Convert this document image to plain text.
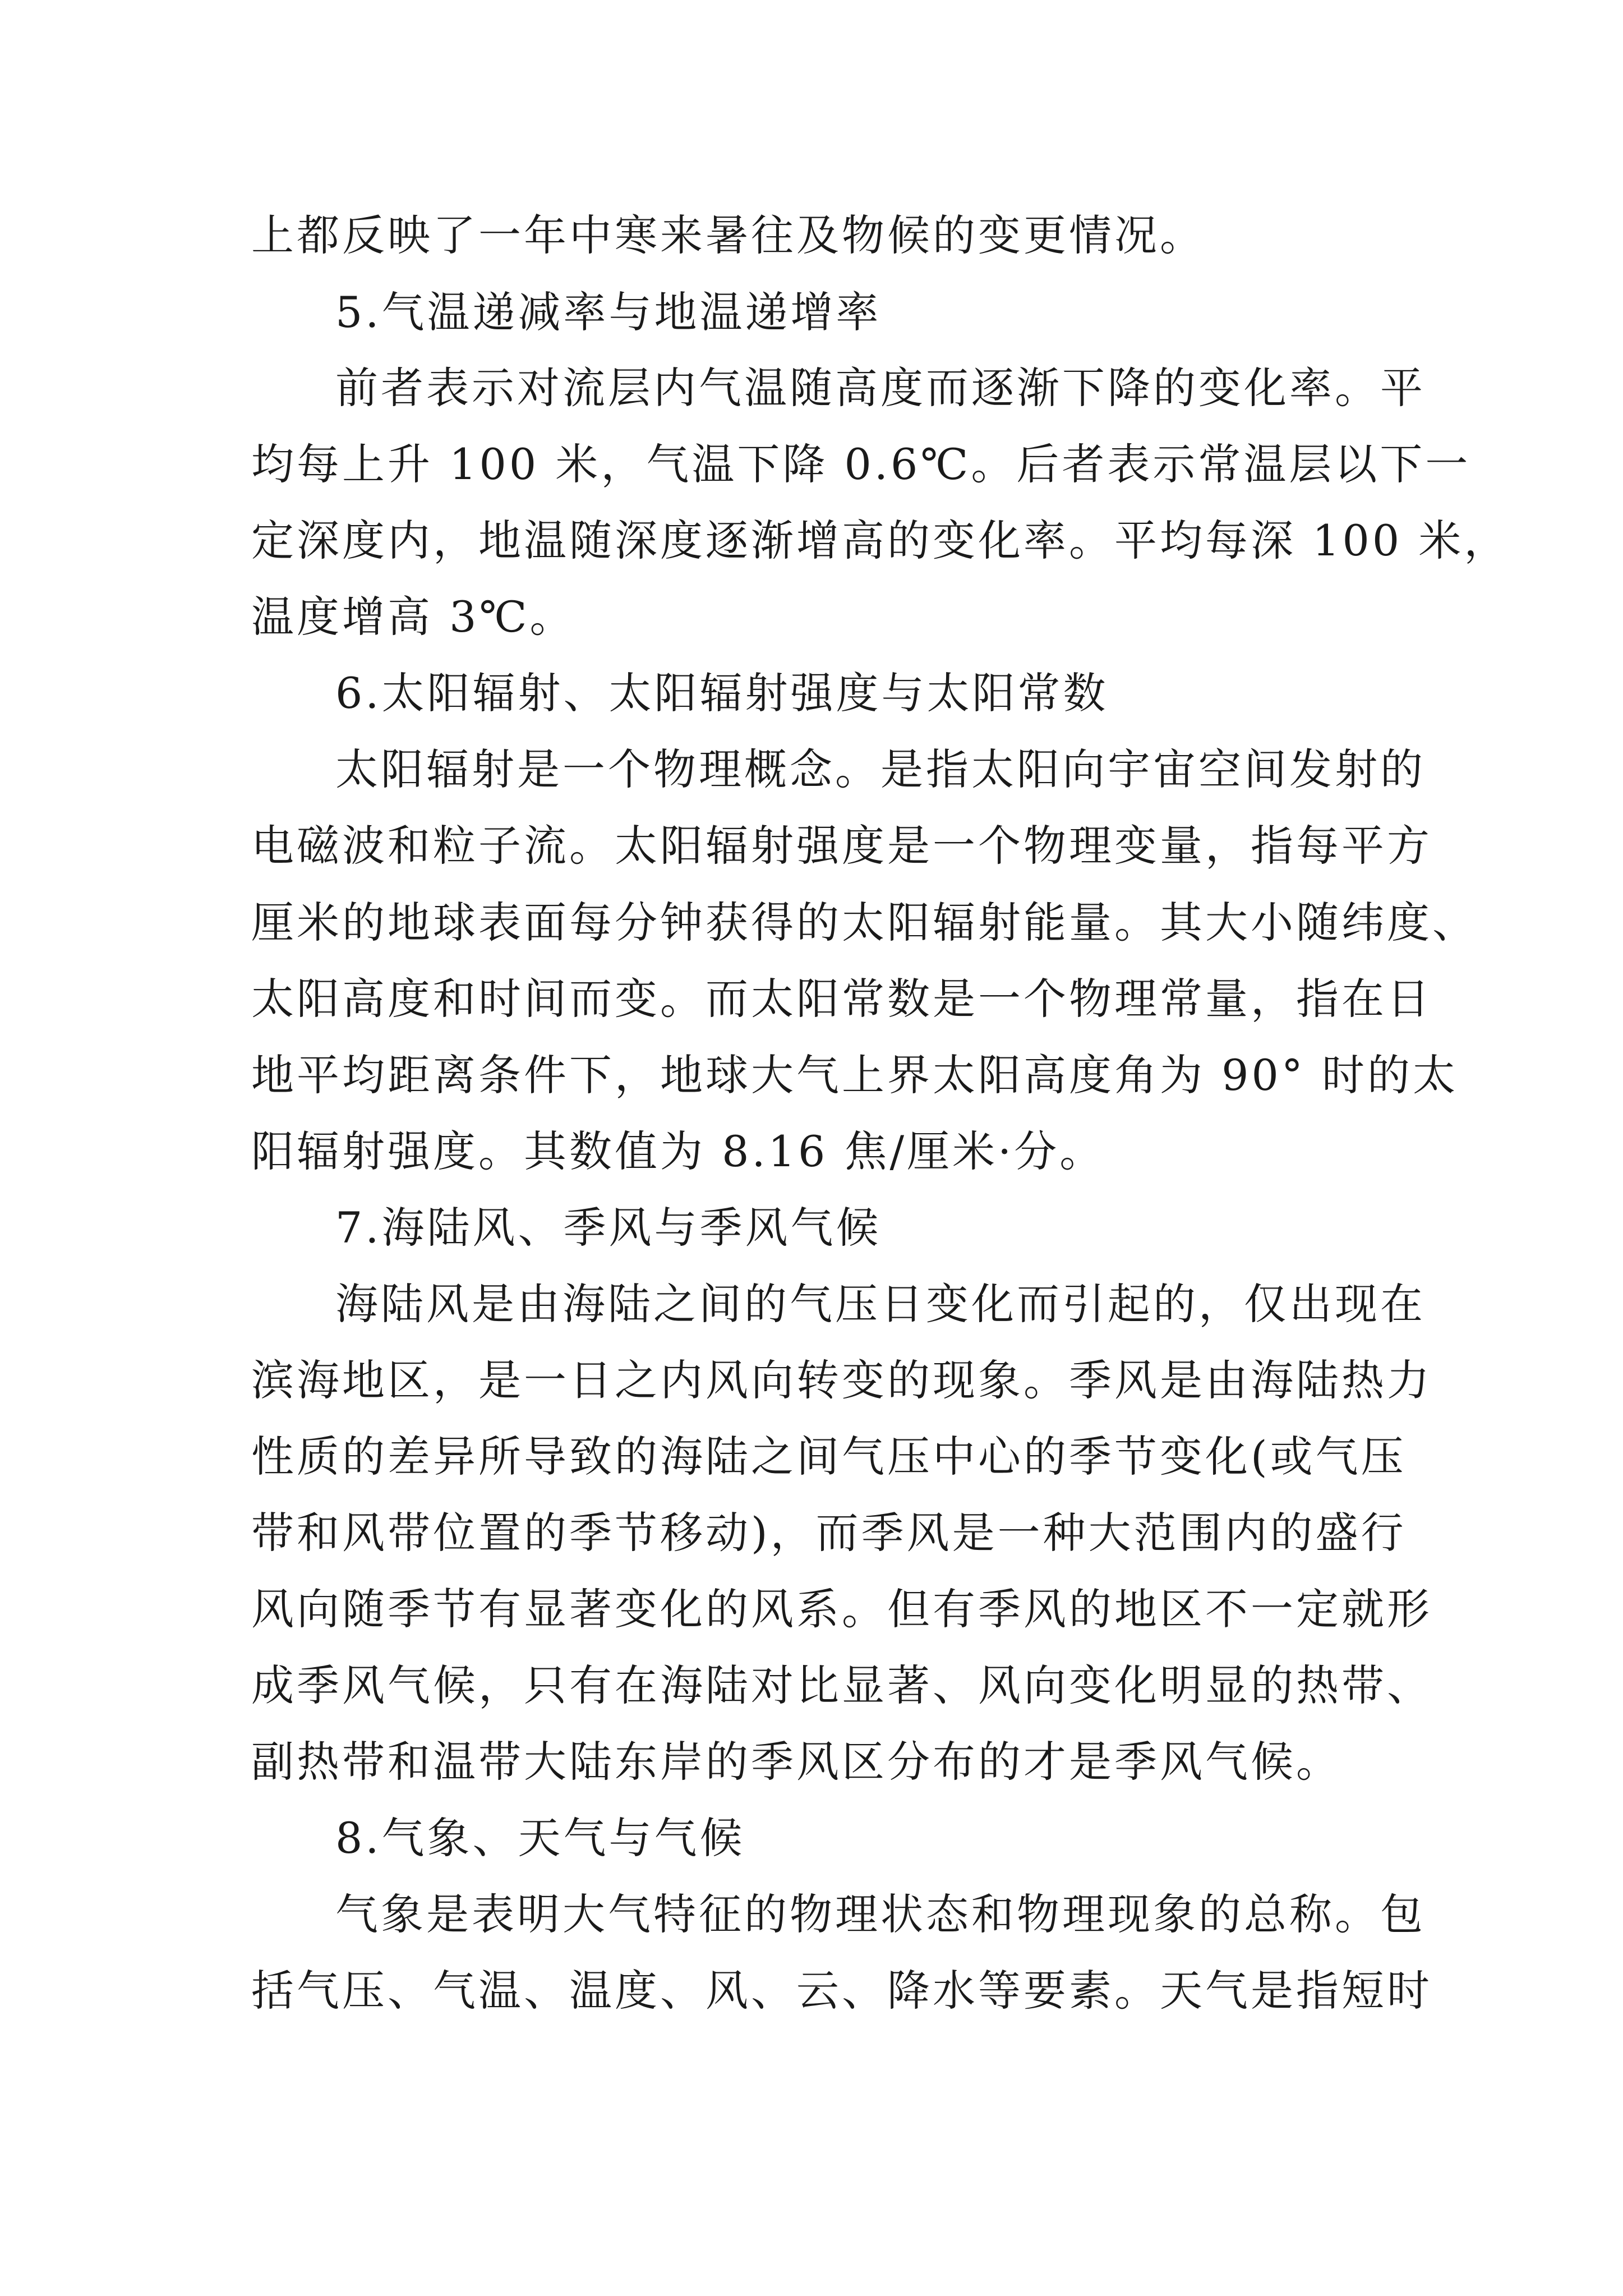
上都反映了一年中寒来暑往及物候的变更情况。
5.气温递减率与地温递增率
前者表示对流层内气温随高度而逐渐下降的变化率。平
均每上升 100 米，气温下降 0.6℃。后者表示常温层以下一
定深度内，地温随深度逐渐增高的变化率。平均每深 100 米，
温度增高 3℃。
6.太阳辐射、太阳辐射强度与太阳常数
太阳辐射是一个物理概念。是指太阳向宇宙空间发射的
电磁波和粒子流。太阳辐射强度是一个物理变量，指每平方
厘米的地球表面每分钟获得的太阳辐射能量。其大小随纬度、
太阳高度和时间而变。而太阳常数是一个物理常量，指在日
地平均距离条件下，地球大气上界太阳高度角为 90° 时的太
阳辐射强度。其数值为 8.16 焦/厘米·分。
7.海陆风、季风与季风气候
海陆风是由海陆之间的气压日变化而引起的，仅出现在
滨海地区，是一日之内风向转变的现象。季风是由海陆热力
性质的差异所导致的海陆之间气压中心的季节变化(或气压
带和风带位置的季节移动)，而季风是一种大范围内的盛行
风向随季节有显著变化的风系。但有季风的地区不一定就形
成季风气候，只有在海陆对比显著、风向变化明显的热带、
副热带和温带大陆东岸的季风区分布的才是季风气候。
8.气象、天气与气候
气象是表明大气特征的物理状态和物理现象的总称。包
括气压、气温、温度、风、云、降水等要素。天气是指短时
